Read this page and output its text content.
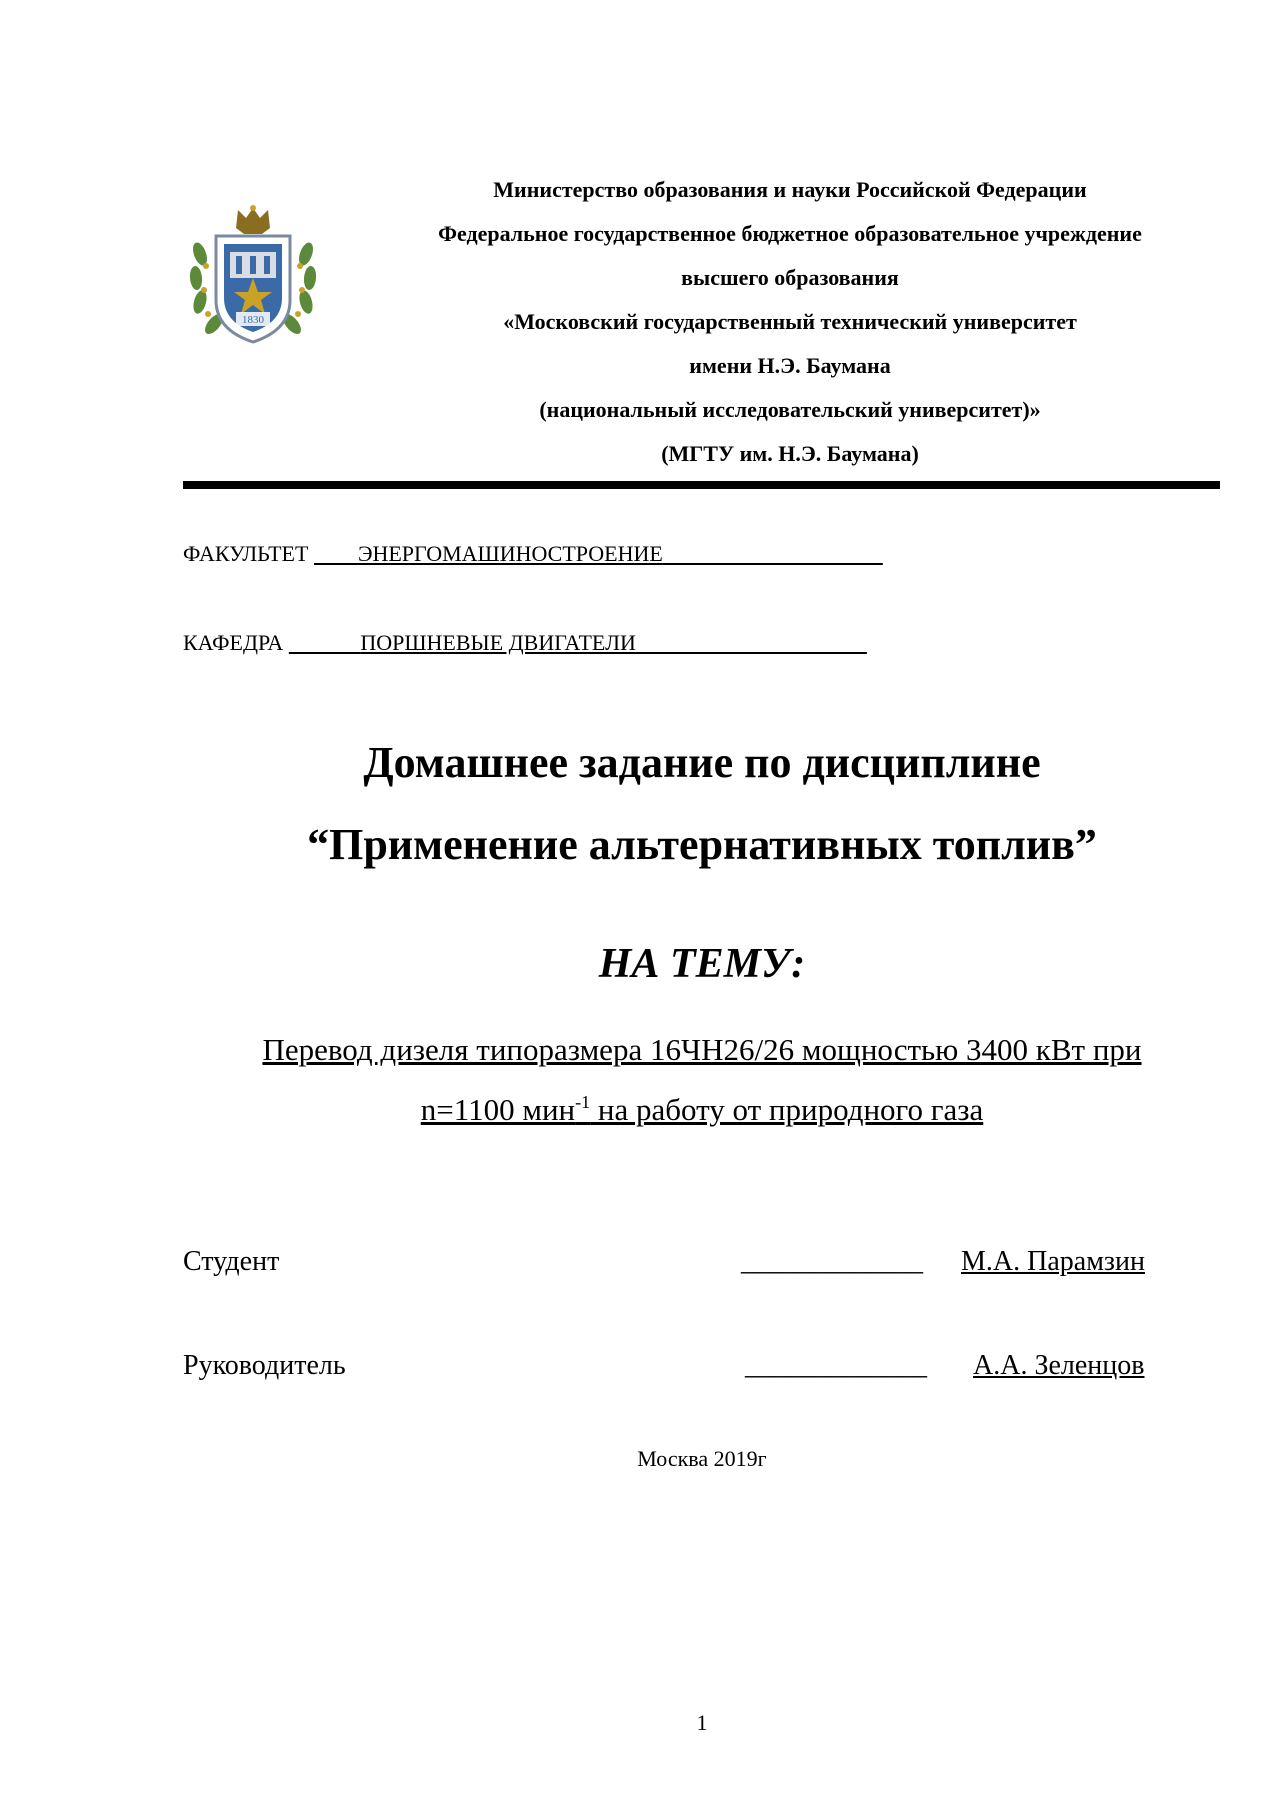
1830
Министерство образования и науки Российской Федерации
Федеральное государственное бюджетное образовательное учреждение
высшего образования
«Московский государственный технический университет
имени Н.Э. Баумана
(национальный исследовательский университет)»
(МГТУ им. Н.Э. Баумана)
ФАКУЛЬТЕТ ЭНЕРГОМАШИНОСТРОЕНИЕ
КАФЕДРА	ПОРШНЕВЫЕ ДВИГАТЕЛИ
Домашнее задание по дисциплине
“Применение альтернативных топлив”
НА ТЕМУ:
Перевод дизеля типоразмера 16ЧН26/26 мощностью 3400 кВт при
n=1100 мин$^{-1}$ на работу от природного газа
Студент	_____________ М.А. Парамзин
Руководитель	_____________ А.А. Зеленцов
Москва 2019г
1
